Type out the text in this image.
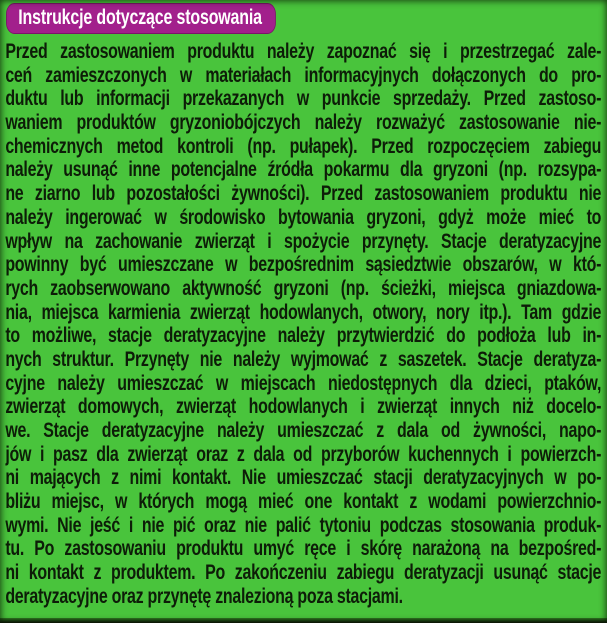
Instrukcje dotyczące stosowania
Przed zastosowaniem produktu należy zapoznać się i przestrzegać zale-
ceń zamieszczonych w materiałach informacyjnych dołączonych do pro-
duktu lub informacji przekazanych w punkcie sprzedaży. Przed zastoso-
waniem produktów gryzoniobójczych należy rozważyć zastosowanie nie-
chemicznych metod kontroli (np. pułapek). Przed rozpoczęciem zabiegu
należy usunąć inne potencjalne źródła pokarmu dla gryzoni (np. rozsypa-
ne ziarno lub pozostałości żywności). Przed zastosowaniem produktu nie
należy ingerować w środowisko bytowania gryzoni, gdyż może mieć to
wpływ na zachowanie zwierząt i spożycie przynęty. Stacje deratyzacyjne
powinny być umieszczane w bezpośrednim sąsiedztwie obszarów, w któ-
rych zaobserwowano aktywność gryzoni (np. ścieżki, miejsca gniazdowa-
nia, miejsca karmienia zwierząt hodowlanych, otwory, nory itp.). Tam gdzie
to możliwe, stacje deratyzacyjne należy przytwierdzić do podłoża lub in-
nych struktur. Przynęty nie należy wyjmować z saszetek. Stacje deratyza-
cyjne należy umieszczać w miejscach niedostępnych dla dzieci, ptaków,
zwierząt domowych, zwierząt hodowlanych i zwierząt innych niż docelo-
we. Stacje deratyzacyjne należy umieszczać z dala od żywności, napo-
jów i pasz dla zwierząt oraz z dala od przyborów kuchennych i powierzch-
ni mających z nimi kontakt. Nie umieszczać stacji deratyzacyjnych w po-
bliżu miejsc, w których mogą mieć one kontakt z wodami powierzchnio-
wymi. Nie jeść i nie pić oraz nie palić tytoniu podczas stosowania produk-
tu. Po zastosowaniu produktu umyć ręce i skórę narażoną na bezpośred-
ni kontakt z produktem. Po zakończeniu zabiegu deratyzacji usunąć stacje
deratyzacyjne oraz przynętę znalezioną poza stacjami.
